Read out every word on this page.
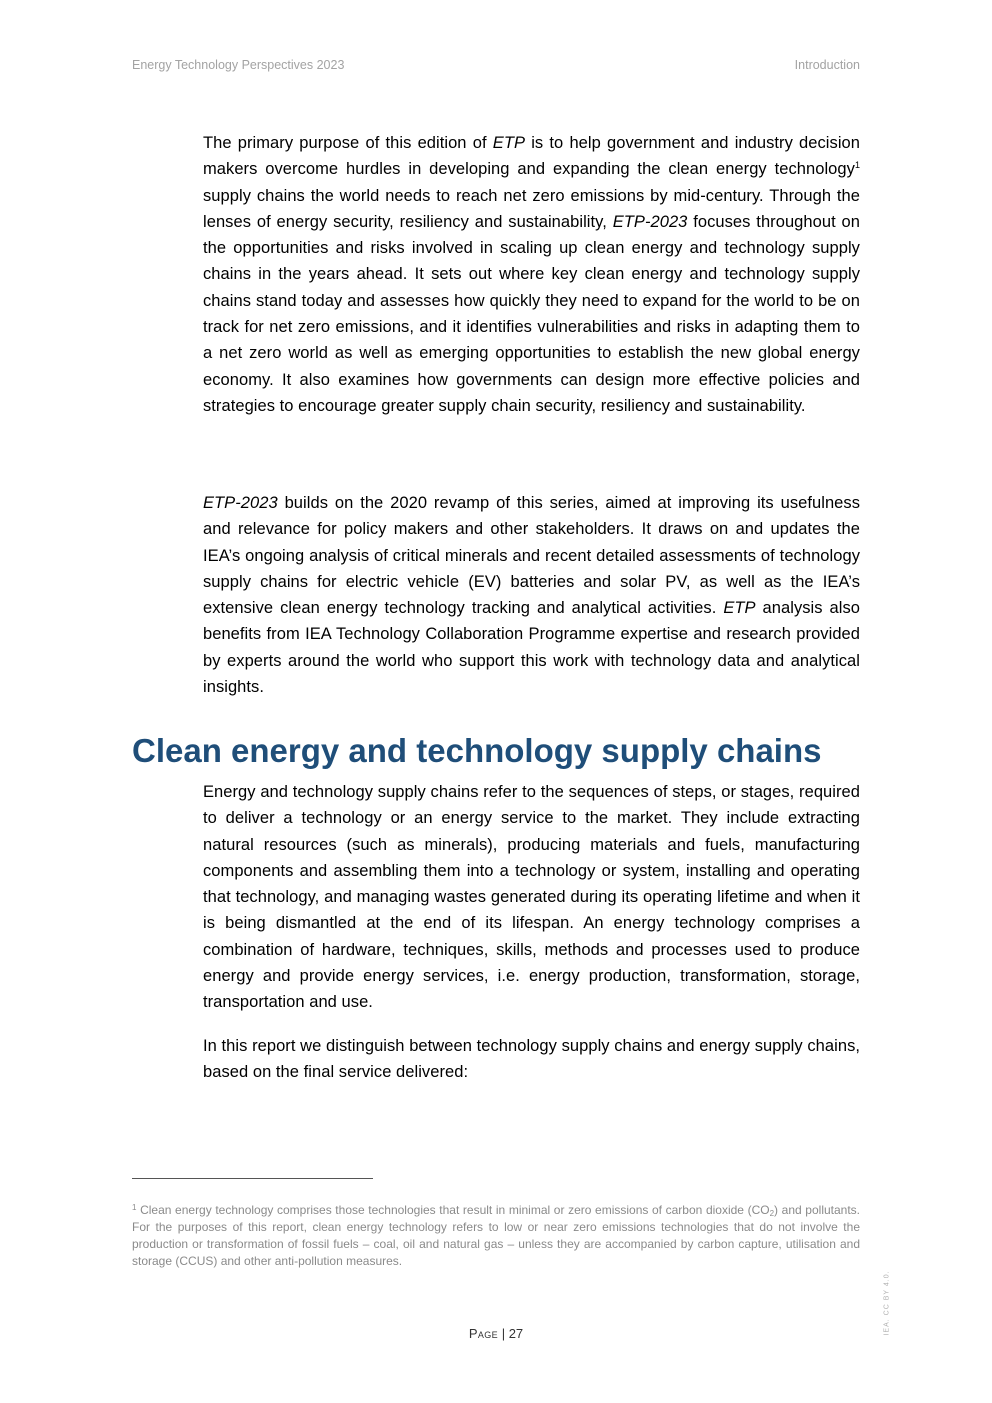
Energy Technology Perspectives 2023	Introduction

The primary purpose of this edition of ETP is to help government and industry decision makers overcome hurdles in developing and expanding the clean energy technology$^1$ supply chains the world needs to reach net zero emissions by mid-century. Through the lenses of energy security, resiliency and sustainability, ETP-2023 focuses throughout on the opportunities and risks involved in scaling up clean energy and technology supply chains in the years ahead. It sets out where key clean energy and technology supply chains stand today and assesses how quickly they need to expand for the world to be on track for net zero emissions, and it identifies vulnerabilities and risks in adapting them to a net zero world as well as emerging opportunities to establish the new global energy economy. It also examines how governments can design more effective policies and strategies to encourage greater supply chain security, resiliency and sustainability.

ETP-2023 builds on the 2020 revamp of this series, aimed at improving its usefulness and relevance for policy makers and other stakeholders. It draws on and updates the IEA’s ongoing analysis of critical minerals and recent detailed assessments of technology supply chains for electric vehicle (EV) batteries and solar PV, as well as the IEA’s extensive clean energy technology tracking and analytical activities. ETP analysis also benefits from IEA Technology Collaboration Programme expertise and research provided by experts around the world who support this work with technology data and analytical insights.

Clean energy and technology supply chains

Energy and technology supply chains refer to the sequences of steps, or stages, required to deliver a technology or an energy service to the market. They include extracting natural resources (such as minerals), producing materials and fuels, manufacturing components and assembling them into a technology or system, installing and operating that technology, and managing wastes generated during its operating lifetime and when it is being dismantled at the end of its lifespan. An energy technology comprises a combination of hardware, techniques, skills, methods and processes used to produce energy and provide energy services, i.e. energy production, transformation, storage, transportation and use.

In this report we distinguish between technology supply chains and energy supply chains, based on the final service delivered:

$^1$ Clean energy technology comprises those technologies that result in minimal or zero emissions of carbon dioxide $(CO_2)$ and pollutants. For the purposes of this report, clean energy technology refers to low or near zero emissions technologies that do not involve the production or transformation of fossil fuels – coal, oil and natural gas – unless they are accompanied by carbon capture, utilisation and storage (CCUS) and other anti-pollution measures.

Page | 27	IEA. CC BY 4.0.
